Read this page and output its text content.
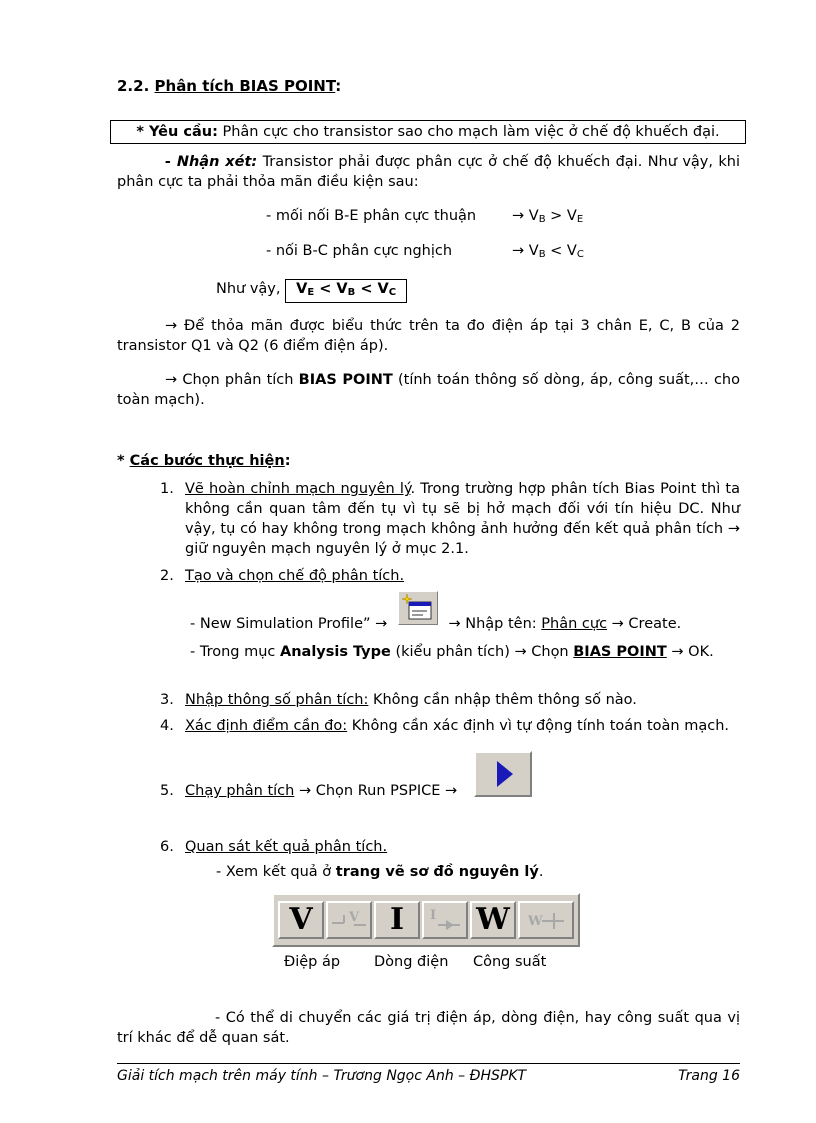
2.2. Phân tích BIAS POINT:
* Yêu cầu: Phân cực cho transistor sao cho mạch làm việc ở chế độ khuếch đại.
- Nhận xét: Transistor phải được phân cực ở chế độ khuếch đại. Như vậy, khi phân cực ta phải thỏa mãn điều kiện sau:
- mối nối B-E phân cực thuận → $V_B > V_E$
- nối B-C phân cực nghịch	→ $V_B < V_C$
Như vậy, $V_E < V_B < V_C$
→ Để thỏa mãn được biểu thức trên ta đo điện áp tại 3 chân E, C, B của 2 transistor Q1 và Q2 (6 điểm điện áp).
→ Chọn phân tích BIAS POINT (tính toán thông số dòng, áp, công suất,… cho toàn mạch).
* Các bước thực hiện:
1. Vẽ hoàn chỉnh mạch nguyên lý. Trong trường hợp phân tích Bias Point thì ta không cần quan tâm đến tụ vì tụ sẽ bị hở mạch đối với tín hiệu DC. Như vậy, tụ có hay không trong mạch không ảnh hưởng đến kết quả phân tích → giữ nguyên mạch nguyên lý ở mục 2.1.
2. Tạo và chọn chế độ phân tích.
- New Simulation Profile” →	→ Nhập tên: Phân cực → Create.
- Trong mục Analysis Type (kiểu phân tích) → Chọn BIAS POINT → OK.
3. Nhập thông số phân tích: Không cần nhập thêm thông số nào.
4. Xác định điểm cần đo: Không cần xác định vì tự động tính toán toàn mạch.
5. Chạy phân tích → Chọn Run PSPICE →
6. Quan sát kết quả phân tích.
- Xem kết quả ở trang vẽ sơ đồ nguyên lý.
V	V	I	I W	W
Điệp áp Dòng điện Công suất
- Có thể di chuyển các giá trị điện áp, dòng điện, hay công suất qua vị trí khác để dễ quan sát.
Giải tích mạch trên máy tính – Trương Ngọc Anh – ĐHSPKT	Trang 16
